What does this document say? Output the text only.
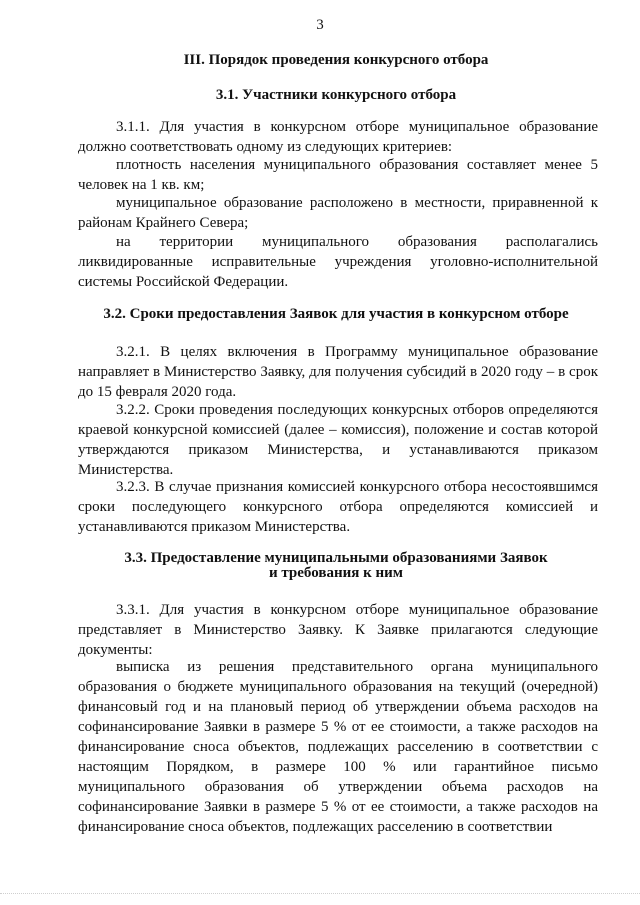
3
III. Порядок проведения конкурсного отбора
3.1. Участники конкурсного отбора

3.1.1. Для участия в конкурсном отборе муниципальное образование должно соответствовать одному из следующих критериев:

плотность населения муниципального образования составляет менее 5 человек на 1 кв. км;

муниципальное образование расположено в местности, приравненной к районам Крайнего Севера;

на территории муниципального образования располагались ликвидированные исправительные учреждения уголовно-исполнительной системы Российской Федерации.

3.2. Сроки предоставления Заявок для участия в конкурсном отборе

3.2.1. В целях включения в Программу муниципальное образование направляет в Министерство Заявку, для получения субсидий в 2020 году – в срок до 15 февраля 2020 года.

3.2.2. Сроки проведения последующих конкурсных отборов определяются краевой конкурсной комиссией (далее – комиссия), положение и состав которой утверждаются приказом Министерства, и устанавливаются приказом Министерства.

3.2.3. В случае признания комиссией конкурсного отбора несостоявшимся сроки последующего конкурсного отбора определяются комиссией и устанавливаются приказом Министерства.

3.3. Предоставление муниципальными образованиями Заявок
и требования к ним

3.3.1. Для участия в конкурсном отборе муниципальное образование представляет в Министерство Заявку. К Заявке прилагаются следующие документы:

выписка из решения представительного органа муниципального образования о бюджете муниципального образования на текущий (очередной) финансовый год и на плановый период об утверждении объема расходов на софинансирование Заявки в размере 5 % от ее стоимости, а также расходов на финансирование сноса объектов, подлежащих расселению в соответствии с настоящим Порядком, в размере 100 % или гарантийное письмо муниципального образования об утверждении объема расходов на софинансирование Заявки в размере 5 % от ее стоимости, а также расходов на финансирование сноса объектов, подлежащих расселению в соответствии
